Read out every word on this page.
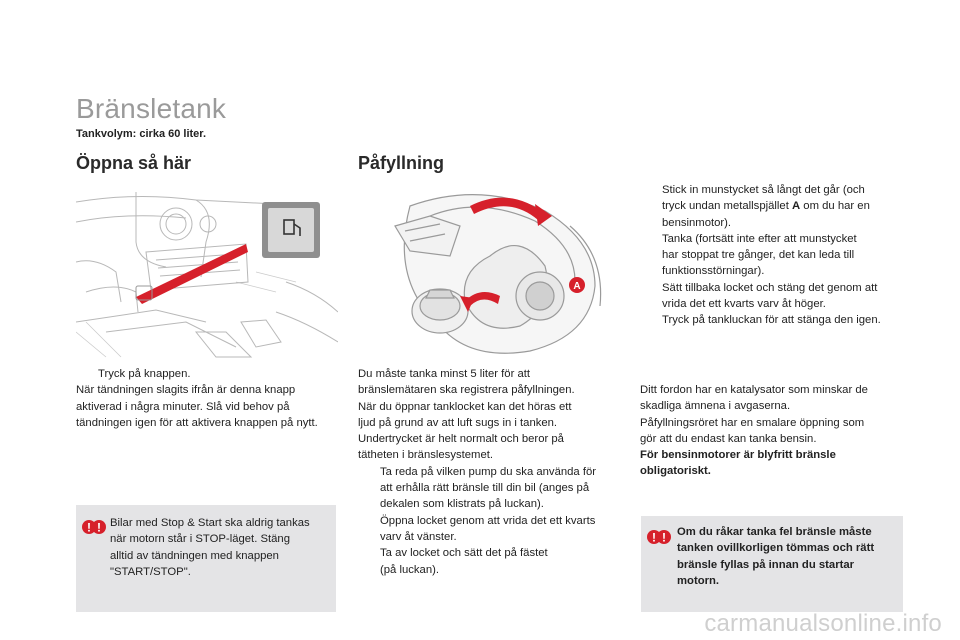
Bränsletank
Tankvolym: cirka 60 liter.
Öppna så här
Tryck på knappen.
När tändningen slagits ifrån är denna knapp
aktiverad i några minuter. Slå vid behov på
tändningen igen för att aktivera knappen på nytt.
! ! Bilar med Stop & Start ska aldrig tankas
när motorn står i STOP-läget. Stäng
alltid av tändningen med knappen
"START/STOP".
Påfyllning
A
Du måste tanka minst 5 liter för att
bränslemätaren ska registrera påfyllningen.
När du öppnar tanklocket kan det höras ett
ljud på grund av att luft sugs in i tanken.
Undertrycket är helt normalt och beror på
tätheten i bränslesystemet.
Ta reda på vilken pump du ska använda för
att erhålla rätt bränsle till din bil (anges på
dekalen som klistrats på luckan).
Öppna locket genom att vrida det ett kvarts
varv åt vänster.
Ta av locket och sätt det på fästet
(på luckan).
Stick in munstycket så långt det går (och
tryck undan metallspjället A om du har en
bensinmotor).
Tanka (fortsätt inte efter att munstycket
har stoppat tre gånger, det kan leda till
funktionsstörningar).
Sätt tillbaka locket och stäng det genom att
vrida det ett kvarts varv åt höger.
Tryck på tankluckan för att stänga den igen.
Ditt fordon har en katalysator som minskar de
skadliga ämnena i avgaserna.
Påfyllningsröret har en smalare öppning som
gör att du endast kan tanka bensin.
För bensinmotorer är blyfritt bränsle
obligatoriskt.
! ! Om du råkar tanka fel bränsle måste
tanken ovillkorligen tömmas och rätt
bränsle fyllas på innan du startar
motorn.
carmanualsonline.info
